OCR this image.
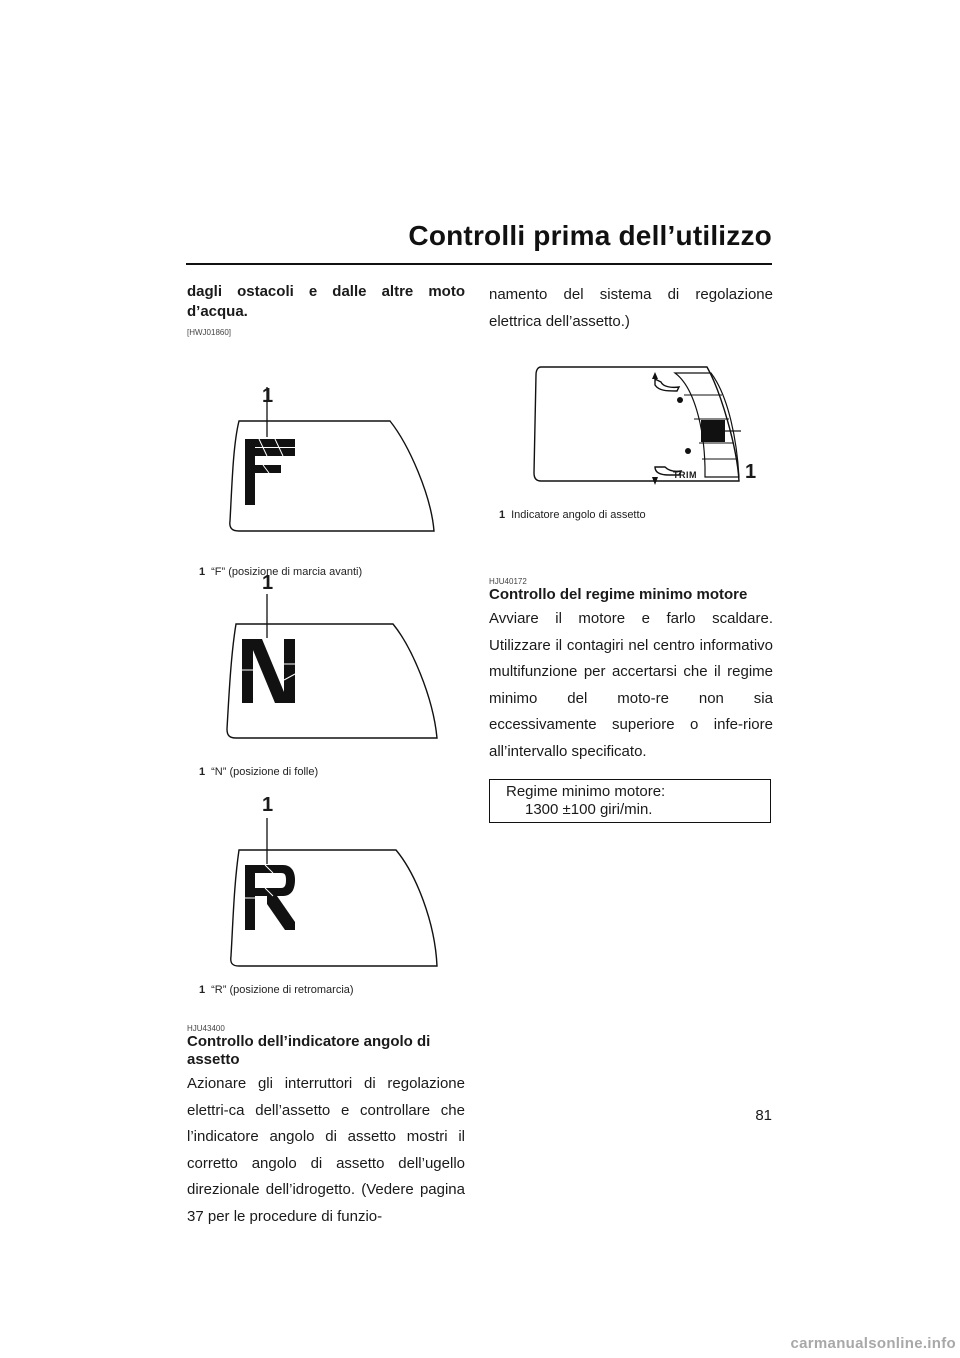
Controlli prima dell’utilizzo

dagli ostacoli e dalle altre moto d’acqua.

[HWJ01860]

1

1 “F” (posizione di marcia avanti)

1

1 “N” (posizione di folle)

1

1 “R” (posizione di retromarcia)

HJU43400

Controllo dell’indicatore angolo di assetto

Azionare gli interruttori di regolazione elettri-ca dell’assetto e controllare che l’indicatore angolo di assetto mostri il corretto angolo di assetto dell’ugello direzionale dell’idrogetto. (Vedere pagina 37 per le procedure di funzio-

namento del sistema di regolazione elettrica dell’assetto.)

TRIM 1

1 Indicatore angolo di assetto

HJU40172

Controllo del regime minimo motore

Avviare il motore e farlo scaldare. Utilizzare il contagiri nel centro informativo multifunzione per accertarsi che il regime minimo del moto-re non sia eccessivamente superiore o infe-riore all’intervallo specificato.

Regime minimo motore:
1300 ±100 giri/min.
81
carmanualsonline.info
